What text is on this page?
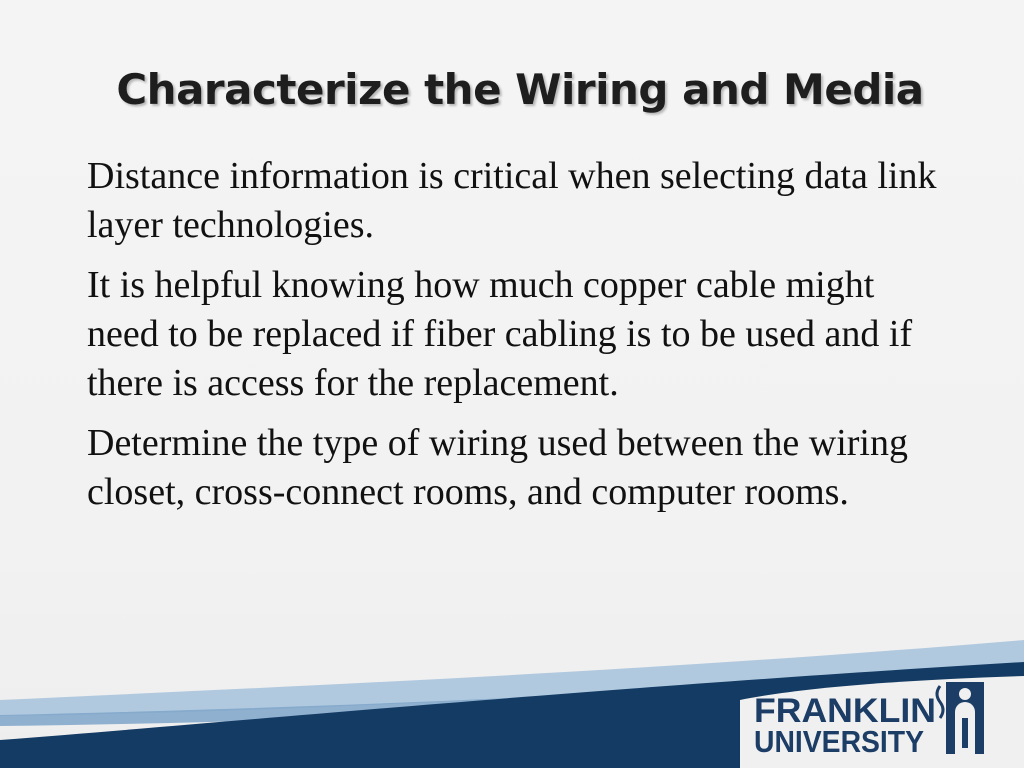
Characterize the Wiring and Media

Distance information is critical when selecting data link layer technologies.

It is helpful knowing how much copper cable might need to be replaced if fiber cabling is to be used and if there is access for the replacement.

Determine the type of wiring used between the wiring closet, cross-connect rooms, and computer rooms.

FRANKLIN
UNIVERSITY
